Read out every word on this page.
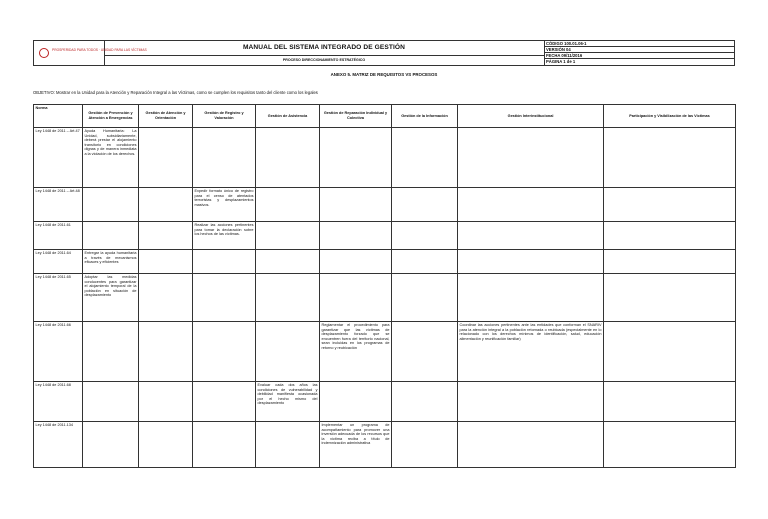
PROSPERIDAD PARA TODOS · UNIDAD PARA LAS VÍCTIMAS	MANUAL DEL SISTEMA INTEGRADO DE GESTIÓN
PROCESO DIRECCIONAMIENTO ESTRATÉGICO
CÓDIGO 100.01.06-1
VERSIÓN 04
FECHA 09/11/2016
PÁGINA 1 de 1
ANEXO 5. MATRIZ DE REQUISITOS VS PROCESOS
OBJETIVO: Mostrar en la Unidad para la Atención y Reparación Integral a las Víctimas, como se cumplen los requisitos tanto del cliente como los legales
Norma	Gestión de Prevención y Atención a Emergencias	Gestión de Atención y Orientación	Gestión de Registro y Valoración	Gestión de Asistencia	Gestión de Reparación Individual y Colectiva	Gestión de la Información	Gestión Interinstitucional	Participación y Visibilización de las Víctimas
Ley 1448 de 2011 – Art.47	Ayuda Humanitaria: La Unidad, subsidiariamente, deberá prestar el alojamiento transitorio en condiciones dignas y de manera inmediata a la violación de los derechos.							
Ley 1448 de 2011 – Art.48			Expedir formato único de registro para el censo de atentados terroristas y desplazamientos masivos.					
Ley 1448 de 2011.61			Realizar las acciones pertinentes para tomar la declaración sobre los hechos de las víctimas.					
Ley 1448 de 2011.64	Entregar la ayuda humanitaria a través de mecanismos eficaces y eficientes							
Ley 1448 de 2011.65	Adoptar las medidas conducentes para garantizar el alojamiento temporal de la población en situación de desplazamiento							
Ley 1448 de 2011.66					Reglamentar el procedimiento para garantizar que las víctimas de desplazamiento forzado que se encuentren fuera del territorio nacional, sean incluidas en los programas de retorno y reubicación		Coordinar las acciones pertinentes ante las entidades que conforman el SNARIV para la atención integral a la población retornada o reubicada (especialmente en lo relacionado con los derechos mínimos de identificación, salud, educación alimentación y reunificación familiar)	
Ley 1448 de 2011.68				Evaluar cada dos años las condiciones de vulnerabilidad y debilidad manifiesta ocasionada por el hecho mismo del desplazamiento				
Ley 1448 de 2011.134					Implementar un programa de acompañamiento para promover una inversión adecuada de los recursos que la víctima reciba a título de indemnización administrativa			
